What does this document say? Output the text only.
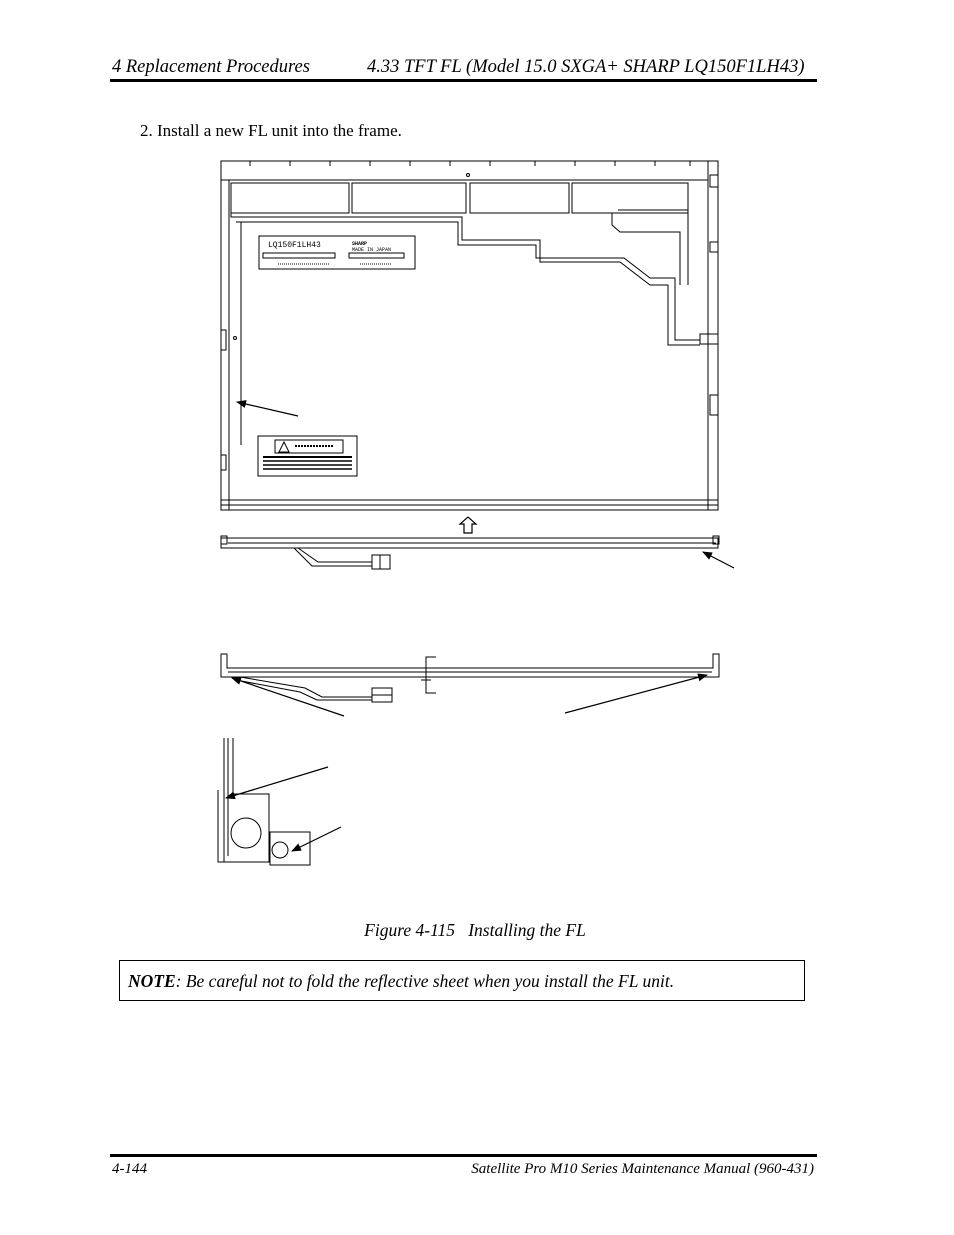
4 Replacement Procedures	4.33 TFT FL (Model 15.0 SXGA+ SHARP LQ150F1LH43)
2. Install a new FL unit into the frame.
LQ150F1LH43	SHARP
MADE IN JAPAN
Figure 4-115 Installing the FL
NOTE: Be careful not to fold the reflective sheet when you install the FL unit.
4-144	Satellite Pro M10 Series Maintenance Manual (960-431)
